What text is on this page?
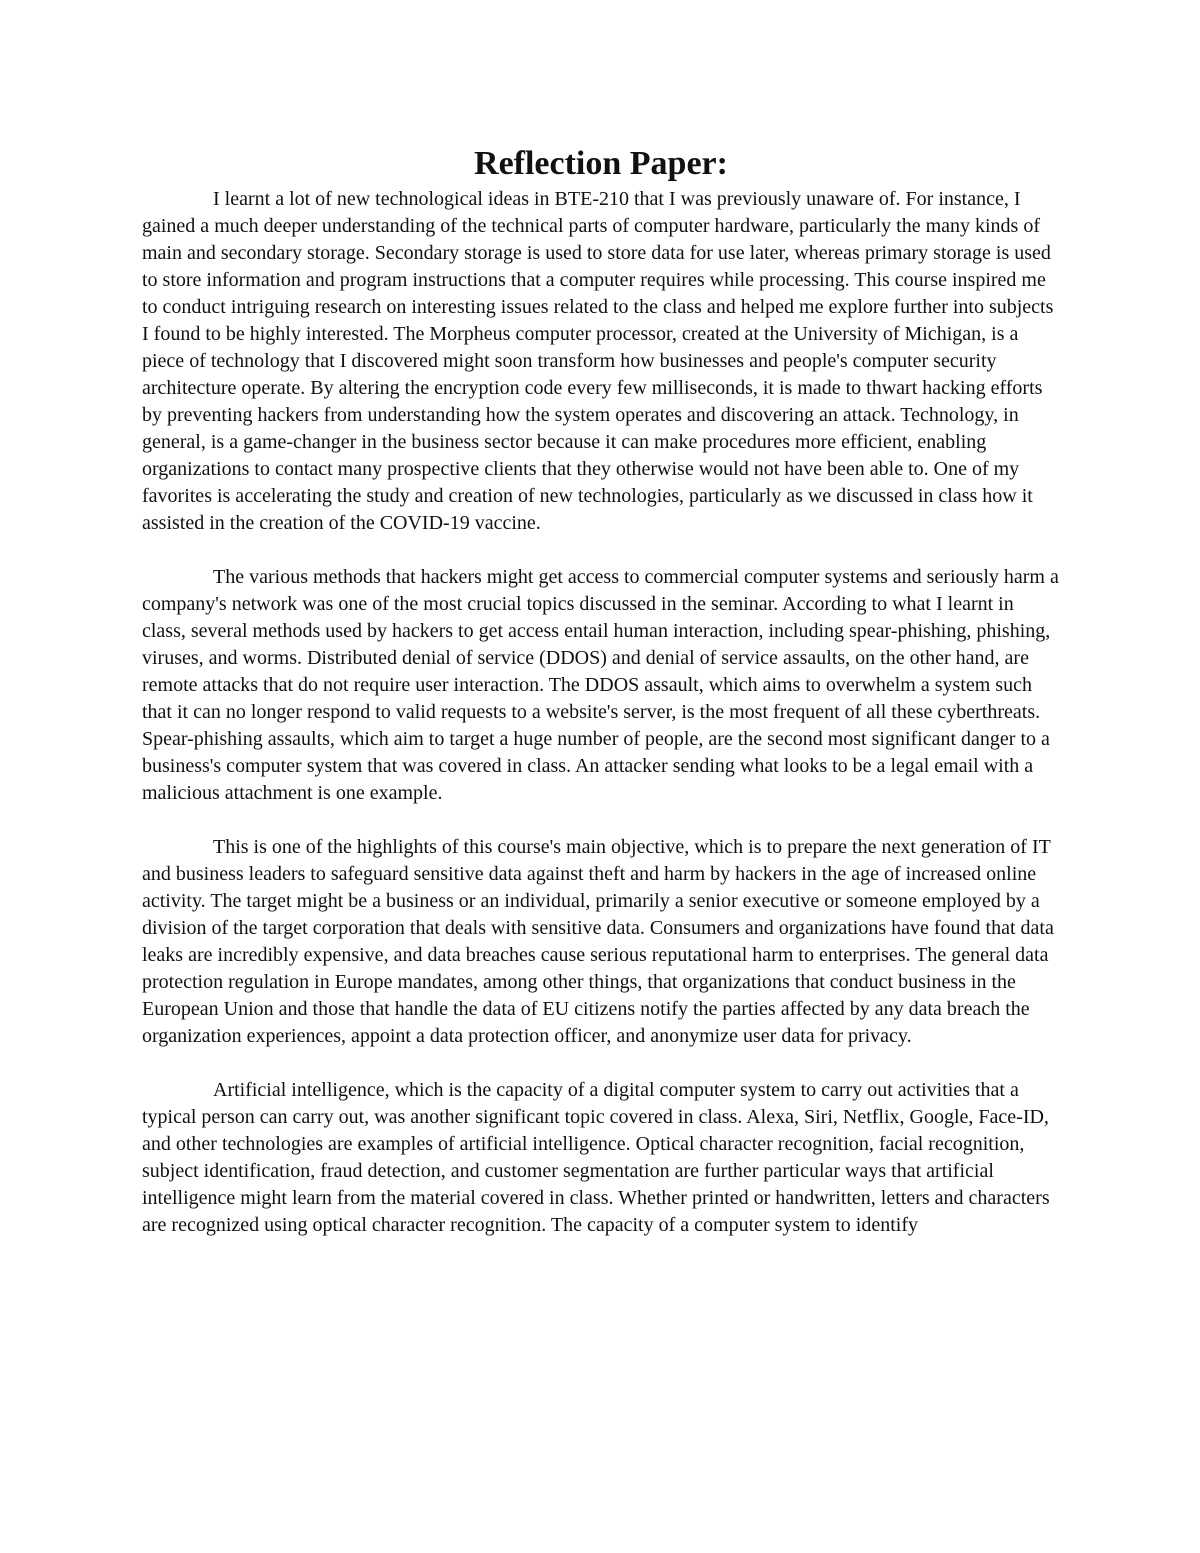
Reflection Paper:

I learnt a lot of new technological ideas in BTE-210 that I was previously unaware of. For instance, I gained a much deeper understanding of the technical parts of computer hardware, particularly the many kinds of main and secondary storage. Secondary storage is used to store data for use later, whereas primary storage is used to store information and program instructions that a computer requires while processing. This course inspired me to conduct intriguing research on interesting issues related to the class and helped me explore further into subjects I found to be highly interested. The Morpheus computer processor, created at the University of Michigan, is a piece of technology that I discovered might soon transform how businesses and people's computer security architecture operate. By altering the encryption code every few milliseconds, it is made to thwart hacking efforts by preventing hackers from understanding how the system operates and discovering an attack. Technology, in general, is a game-changer in the business sector because it can make procedures more efficient, enabling organizations to contact many prospective clients that they otherwise would not have been able to. One of my favorites is accelerating the study and creation of new technologies, particularly as we discussed in class how it assisted in the creation of the COVID-19 vaccine.

The various methods that hackers might get access to commercial computer systems and seriously harm a company's network was one of the most crucial topics discussed in the seminar. According to what I learnt in class, several methods used by hackers to get access entail human interaction, including spear-phishing, phishing, viruses, and worms. Distributed denial of service (DDOS) and denial of service assaults, on the other hand, are remote attacks that do not require user interaction. The DDOS assault, which aims to overwhelm a system such that it can no longer respond to valid requests to a website's server, is the most frequent of all these cyberthreats. Spear-phishing assaults, which aim to target a huge number of people, are the second most significant danger to a business's computer system that was covered in class. An attacker sending what looks to be a legal email with a malicious attachment is one example.

This is one of the highlights of this course's main objective, which is to prepare the next generation of IT and business leaders to safeguard sensitive data against theft and harm by hackers in the age of increased online activity. The target might be a business or an individual, primarily a senior executive or someone employed by a division of the target corporation that deals with sensitive data. Consumers and organizations have found that data leaks are incredibly expensive, and data breaches cause serious reputational harm to enterprises. The general data protection regulation in Europe mandates, among other things, that organizations that conduct business in the European Union and those that handle the data of EU citizens notify the parties affected by any data breach the organization experiences, appoint a data protection officer, and anonymize user data for privacy.

Artificial intelligence, which is the capacity of a digital computer system to carry out activities that a typical person can carry out, was another significant topic covered in class. Alexa, Siri, Netflix, Google, Face-ID, and other technologies are examples of artificial intelligence. Optical character recognition, facial recognition, subject identification, fraud detection, and customer segmentation are further particular ways that artificial intelligence might learn from the material covered in class. Whether printed or handwritten, letters and characters are recognized using optical character recognition. The capacity of a computer system to identify
